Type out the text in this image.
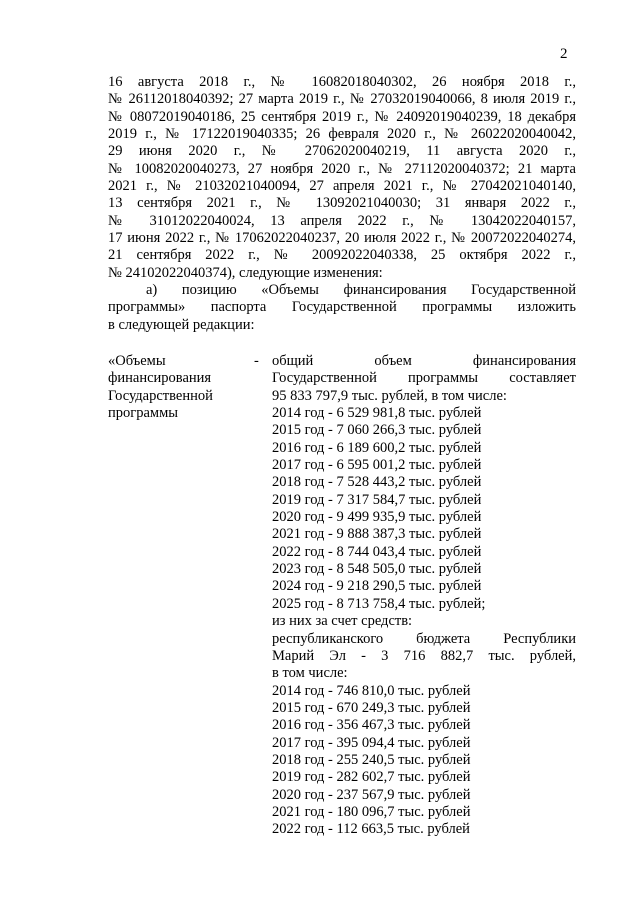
2
16 августа 2018 г., № 16082018040302, 26 ноября 2018 г.,
№ 26112018040392; 27 марта 2019 г., № 27032019040066, 8 июля 2019 г.,
№ 08072019040186, 25 сентября 2019 г., № 24092019040239, 18 декабря
2019 г., № 17122019040335; 26 февраля 2020 г., № 26022020040042,
29 июня 2020 г., № 27062020040219, 11 августа 2020 г.,
№ 10082020040273, 27 ноября 2020 г., № 27112020040372; 21 марта
2021 г., № 21032021040094, 27 апреля 2021 г., № 27042021040140,
13 сентября 2021 г., № 13092021040030; 31 января 2022 г.,
№ 31012022040024, 13 апреля 2022 г., № 13042022040157,
17 июня 2022 г., № 17062022040237, 20 июля 2022 г., № 20072022040274,
21 сентября 2022 г., № 20092022040338, 25 октября 2022 г.,
№ 24102022040374), следующие изменения:
а) позицию «Объемы финансирования Государственной
программы» паспорта Государственной программы изложить
в следующей редакции:
«Объемы
финансирования
Государственной
программы
- общий объем финансирования
Государственной программы составляет
95 833 797,9 тыс. рублей, в том числе:
2014 год - 6 529 981,8 тыс. рублей
2015 год - 7 060 266,3 тыс. рублей
2016 год - 6 189 600,2 тыс. рублей
2017 год - 6 595 001,2 тыс. рублей
2018 год - 7 528 443,2 тыс. рублей
2019 год - 7 317 584,7 тыс. рублей
2020 год - 9 499 935,9 тыс. рублей
2021 год - 9 888 387,3 тыс. рублей
2022 год - 8 744 043,4 тыс. рублей
2023 год - 8 548 505,0 тыс. рублей
2024 год - 9 218 290,5 тыс. рублей
2025 год - 8 713 758,4 тыс. рублей;
из них за счет средств:
республиканского бюджета Республики
Марий Эл - 3 716 882,7 тыс. рублей,
в том числе:
2014 год - 746 810,0 тыс. рублей
2015 год - 670 249,3 тыс. рублей
2016 год - 356 467,3 тыс. рублей
2017 год - 395 094,4 тыс. рублей
2018 год - 255 240,5 тыс. рублей
2019 год - 282 602,7 тыс. рублей
2020 год - 237 567,9 тыс. рублей
2021 год - 180 096,7 тыс. рублей
2022 год - 112 663,5 тыс. рублей
